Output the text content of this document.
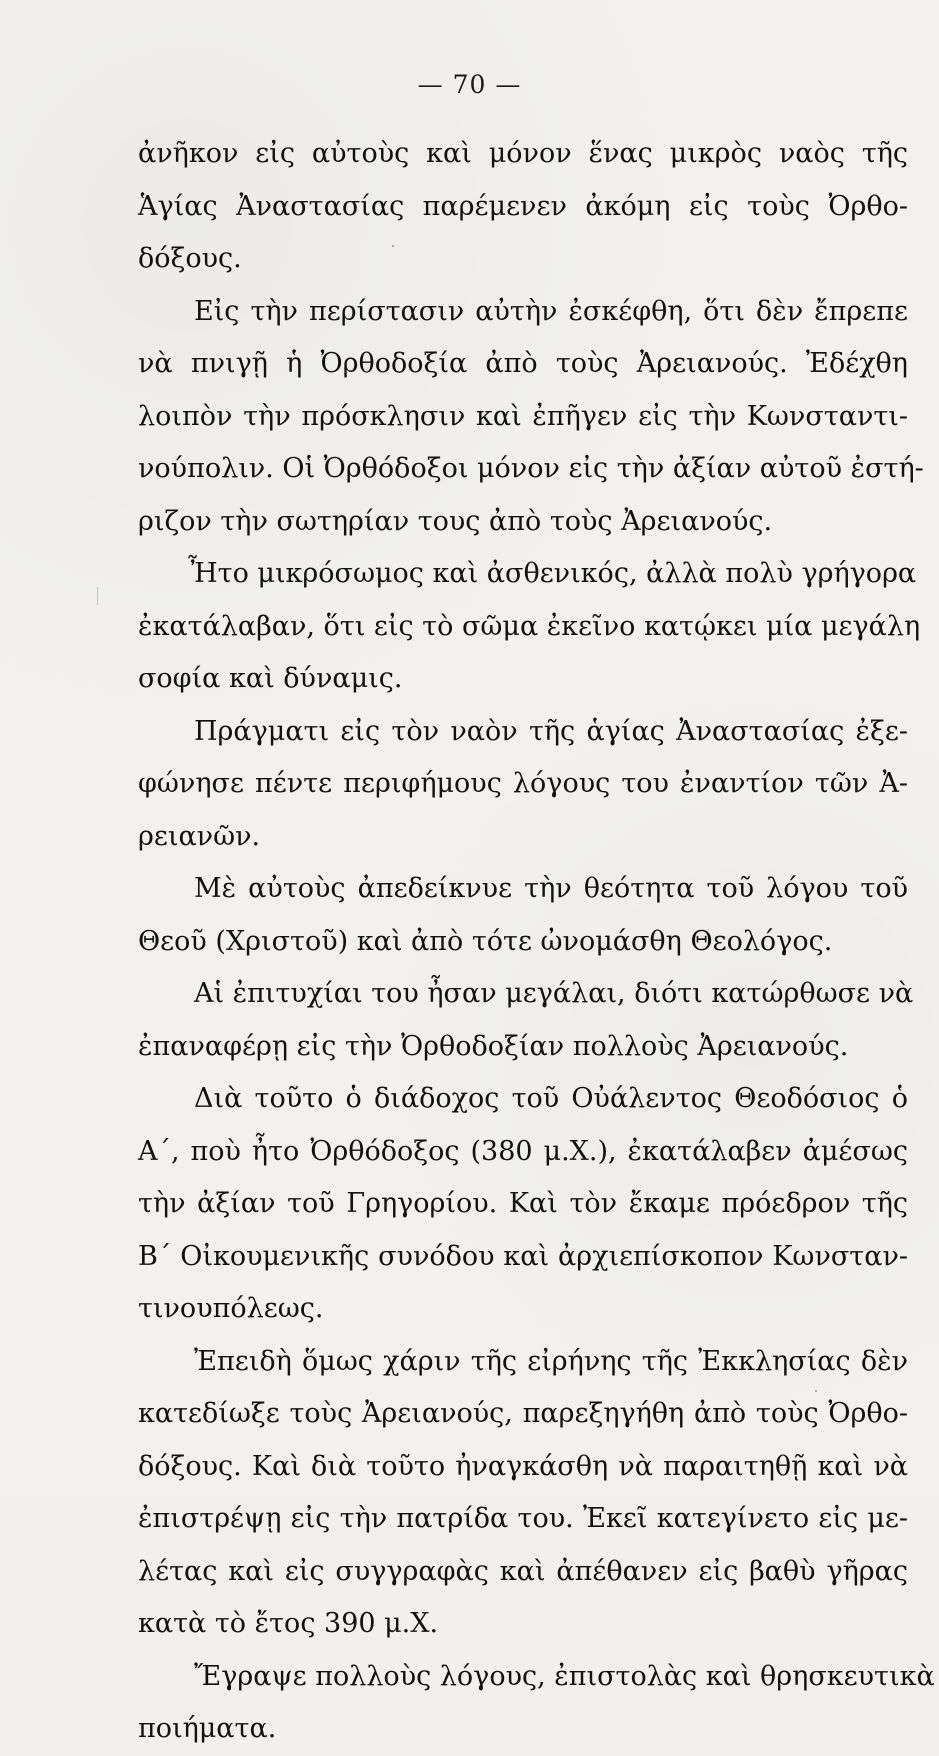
— 70 —
ἀνῆκον εἰς αὐτοὺς καὶ μόνον ἕνας μικρὸς ναὸς τῆς
Ἁγίας Ἀναστασίας παρέμενεν ἀκόμη εἰς τοὺς Ὀρθο-
δόξους.
Εἰς τὴν περίστασιν αὐτὴν ἐσκέφθη, ὅτι δὲν ἔπρεπε
νὰ πνιγῇ ἡ Ὀρθοδοξία ἀπὸ τοὺς Ἀρειανούς. Ἐδέχθη
λοιπὸν τὴν πρόσκλησιν καὶ ἐπῆγεν εἰς τὴν Κωνσταντι-
νούπολιν. Οἱ Ὀρθόδοξοι μόνον εἰς τὴν ἀξίαν αὐτοῦ ἐστή-
ριζον τὴν σωτηρίαν τους ἀπὸ τοὺς Ἀρειανούς.
Ἦτο μικρόσωμος καὶ ἀσθενικός, ἀλλὰ πολὺ γρήγορα
ἐκατάλαβαν, ὅτι εἰς τὸ σῶμα ἐκεῖνο κατῴκει μία μεγάλη
σοφία καὶ δύναμις.
Πράγματι εἰς τὸν ναὸν τῆς ἁγίας Ἀναστασίας ἐξε-
φώνησε πέντε περιφήμους λόγους του ἐναντίον τῶν Ἀ-
ρειανῶν.
Μὲ αὐτοὺς ἀπεδείκνυε τὴν θεότητα τοῦ λόγου τοῦ
Θεοῦ (Χριστοῦ) καὶ ἀπὸ τότε ὠνομάσθη Θεολόγος.
Αἱ ἐπιτυχίαι του ἦσαν μεγάλαι, διότι κατώρθωσε νὰ
ἐπαναφέρῃ εἰς τὴν Ὀρθοδοξίαν πολλοὺς Ἀρειανούς.
Διὰ τοῦτο ὁ διάδοχος τοῦ Οὐάλεντος Θεοδόσιος ὁ
Α΄, ποὺ ἦτο Ὀρθόδοξος (380 μ.Χ.), ἐκατάλαβεν ἀμέσως
τὴν ἀξίαν τοῦ Γρηγορίου. Καὶ τὸν ἔκαμε πρόεδρον τῆς
Β΄ Οἰκουμενικῆς συνόδου καὶ ἀρχιεπίσκοπον Κωνσταν-
τινουπόλεως.
Ἐπειδὴ ὅμως χάριν τῆς εἰρήνης τῆς Ἐκκλησίας δὲν
κατεδίωξε τοὺς Ἀρειανούς, παρεξηγήθη ἀπὸ τοὺς Ὀρθο-
δόξους. Καὶ διὰ τοῦτο ἠναγκάσθη νὰ παραιτηθῇ καὶ νὰ
ἐπιστρέψῃ εἰς τὴν πατρίδα του. Ἐκεῖ κατεγίνετο εἰς με-
λέτας καὶ εἰς συγγραφὰς καὶ ἀπέθανεν εἰς βαθὺ γῆρας
κατὰ τὸ ἔτος 390 μ.Χ.
Ἔγραψε πολλοὺς λόγους, ἐπιστολὰς καὶ θρησκευτικὰ
ποιήματα.
